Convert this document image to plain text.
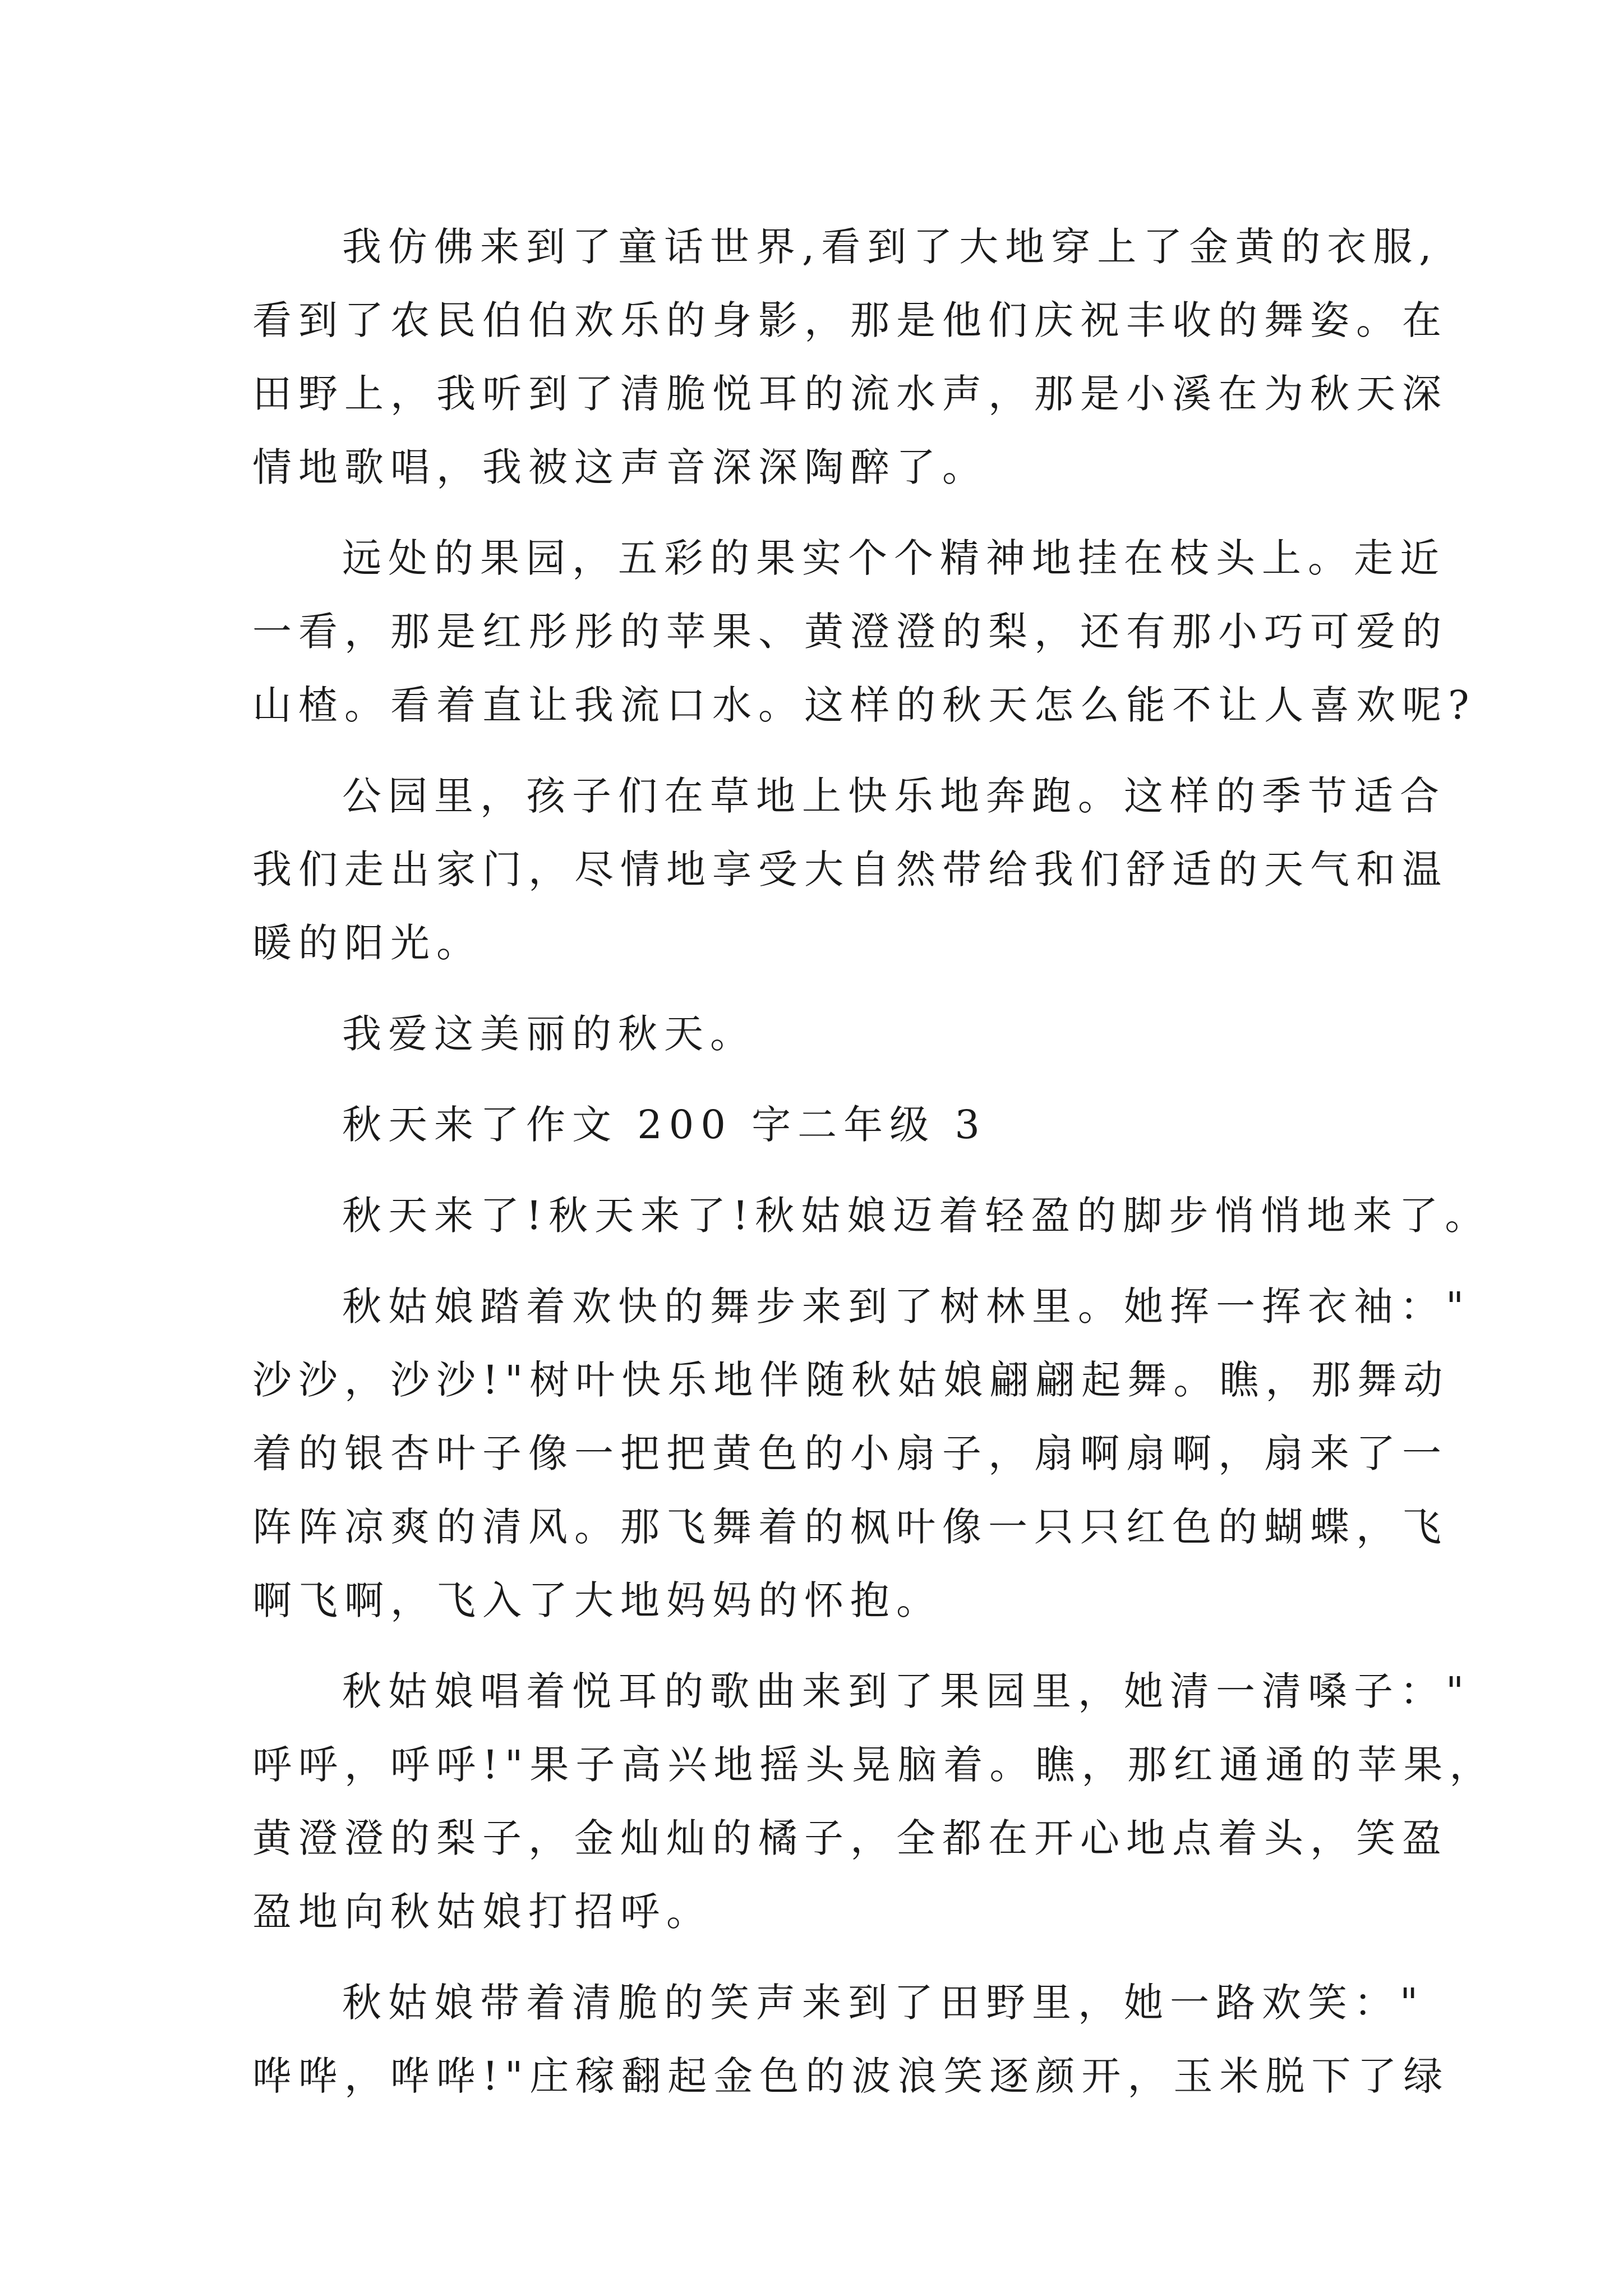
我仿佛来到了童话世界,看到了大地穿上了金黄的衣服,
看到了农民伯伯欢乐的身影，那是他们庆祝丰收的舞姿。在
田野上，我听到了清脆悦耳的流水声，那是小溪在为秋天深
情地歌唱，我被这声音深深陶醉了。

远处的果园，五彩的果实个个精神地挂在枝头上。走近
一看，那是红彤彤的苹果、黄澄澄的梨，还有那小巧可爱的
山楂。看着直让我流口水。这样的秋天怎么能不让人喜欢呢?

公园里，孩子们在草地上快乐地奔跑。这样的季节适合
我们走出家门，尽情地享受大自然带给我们舒适的天气和温
暖的阳光。

我爱这美丽的秋天。

秋天来了作文 200 字二年级 3

秋天来了!秋天来了!秋姑娘迈着轻盈的脚步悄悄地来了。

秋姑娘踏着欢快的舞步来到了树林里。她挥一挥衣袖："
沙沙，沙沙!"树叶快乐地伴随秋姑娘翩翩起舞。瞧，那舞动
着的银杏叶子像一把把黄色的小扇子，扇啊扇啊，扇来了一
阵阵凉爽的清风。那飞舞着的枫叶像一只只红色的蝴蝶，飞
啊飞啊，飞入了大地妈妈的怀抱。

秋姑娘唱着悦耳的歌曲来到了果园里，她清一清嗓子："
呼呼，呼呼!"果子高兴地摇头晃脑着。瞧，那红通通的苹果，
黄澄澄的梨子，金灿灿的橘子，全都在开心地点着头，笑盈
盈地向秋姑娘打招呼。

秋姑娘带着清脆的笑声来到了田野里，她一路欢笑："
哗哗，哗哗!"庄稼翻起金色的波浪笑逐颜开，玉米脱下了绿
